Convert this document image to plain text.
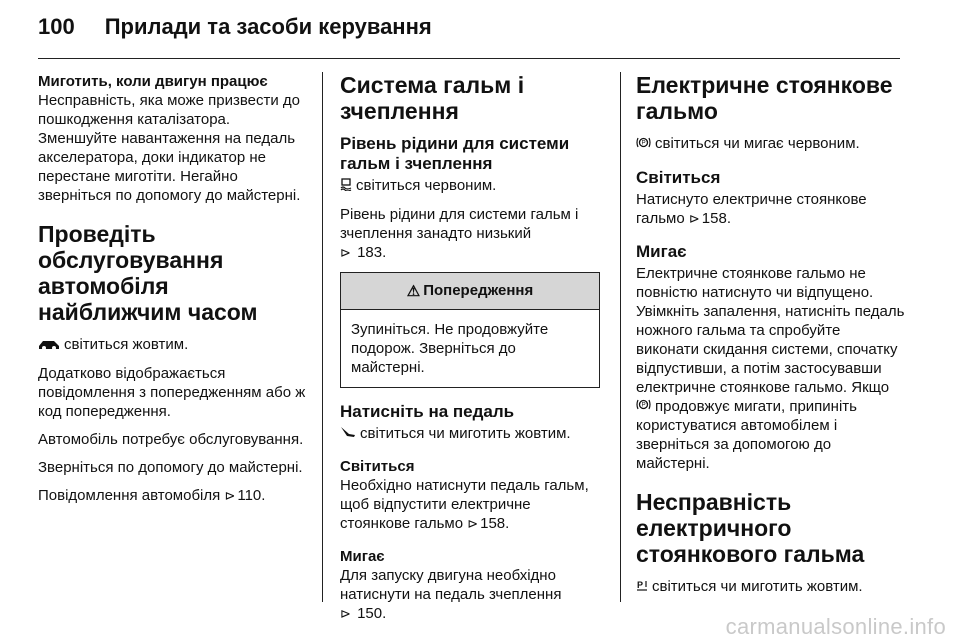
100 Прилади та засоби керування
Миготить, коли двигун працює

Несправність, яка може призвести до пошкодження каталізатора. Зменшуйте навантаження на педаль акселератора, доки індикатор не перестане миготіти. Негайно зверніться по допомогу до майстерні.

Проведіть обслуговування автомобіля найближчим часом

світиться жовтим.

Додатково відображається повідомлення з попередженням або ж код попередження.

Автомобіль потребує обслуговування.

Зверніться по допомогу до майстерні.

Повідомлення автомобіля ⊳ 110.

Система гальм і зчеплення
Рівень рідини для системи гальм і зчеплення

світиться червоним.

Рівень рідини для системи гальм і зчеплення занадто низький
⊳ 183.

⚠ Попередження
Зупиніться. Не продовжуйте подорож. Зверніться до майстерні.
Натисніть на педаль

світиться чи миготить жовтим.

Світиться

Необхідно натиснути педаль гальм, щоб відпустити електричне стоянкове гальмо ⊳ 158.

Мигає

Для запуску двигуна необхідно натиснути на педаль зчеплення
⊳ 150.

Електричне стоянкове гальмо

P світиться чи мигає червоним.

Світиться

Натиснуто електричне стоянкове гальмо ⊳ 158.

Мигає

Електричне стоянкове гальмо не повністю натиснуто чи відпущено. Увімкніть запалення, натисніть педаль ножного гальма та спробуйте виконати скидання системи, спочатку відпустивши, а потім застосувавши електричне стоянкове гальмо. Якщо
P продовжує мигати, припиніть користуватися автомобілем і зверніться за допомогою до майстерні.

Несправність електричного стоянкового гальма

P світиться чи миготить жовтим.

carmanualsonline.info
